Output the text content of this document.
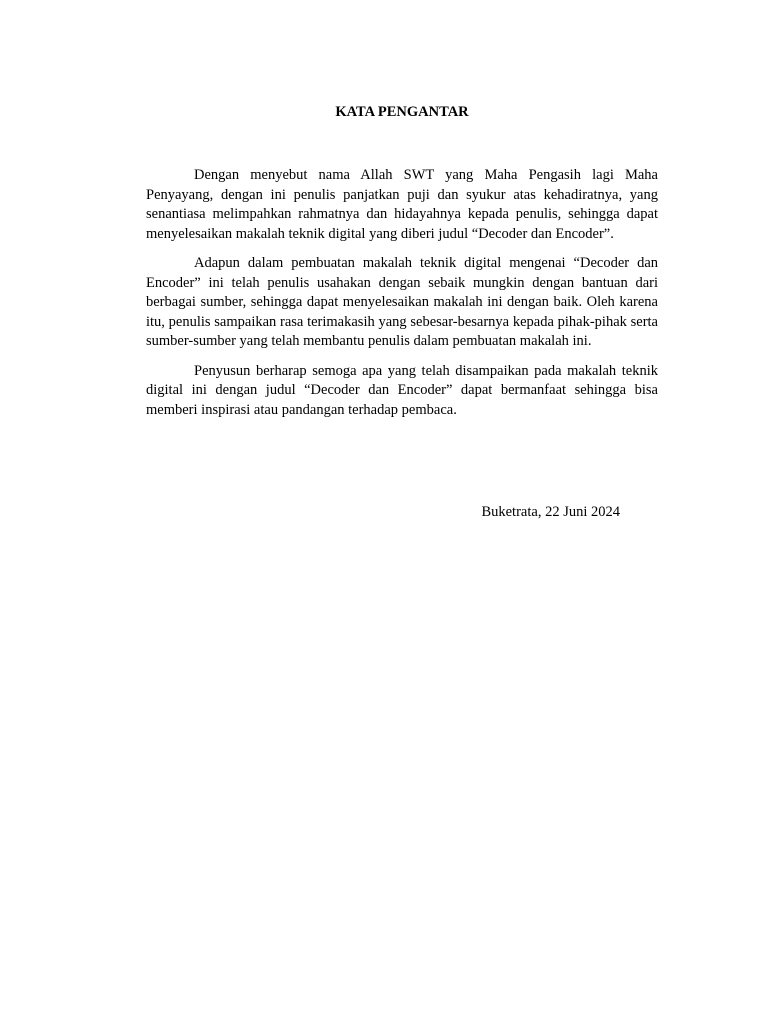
KATA PENGANTAR

Dengan menyebut nama Allah SWT yang Maha Pengasih lagi Maha Penyayang, dengan ini penulis panjatkan puji dan syukur atas kehadiratnya, yang senantiasa melimpahkan rahmatnya dan hidayahnya kepada penulis, sehingga dapat menyelesaikan makalah teknik digital yang diberi judul “Decoder dan Encoder”.

Adapun dalam pembuatan makalah teknik digital mengenai “Decoder dan Encoder” ini telah penulis usahakan dengan sebaik mungkin dengan bantuan dari berbagai sumber, sehingga dapat menyelesaikan makalah ini dengan baik. Oleh karena itu, penulis sampaikan rasa terimakasih yang sebesar-besarnya kepada pihak-pihak serta sumber-sumber yang telah membantu penulis dalam pembuatan makalah ini.

Penyusun berharap semoga apa yang telah disampaikan pada makalah teknik digital ini dengan judul “Decoder dan Encoder” dapat bermanfaat sehingga bisa memberi inspirasi atau pandangan terhadap pembaca.

Buketrata, 22 Juni 2024
